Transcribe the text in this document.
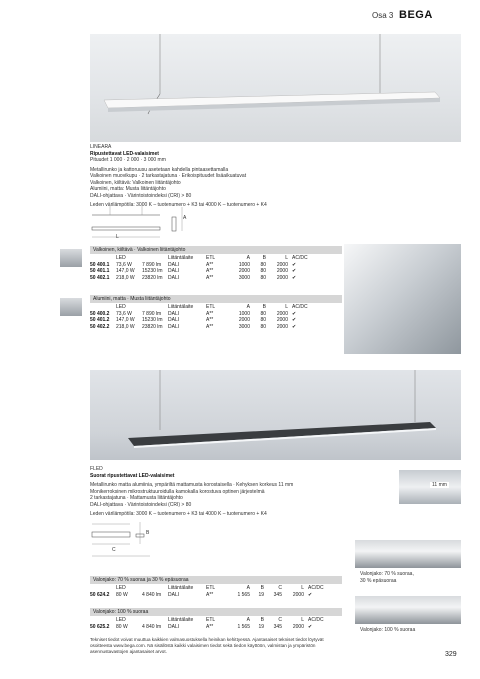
Osa 3 BEGA
LINEARA
Ripustettavat LED-valaisimet
Pituudet 1 000 · 2 000 · 3 000 mm
Metallirunko ja kattoruusu asetetaan kahdella pintaasettamalla
Valkoinen muovikupu · 2 tarkastajatuna · Erikoispituudet lisäaikuatuvat
Valkoinen, kiiltävä: Valkoinen liitäntäjohto
Alumiini, matta: Musta liitäntäjohto
DALI-ohjattava · Värintoistoindeksi (CRI) > 80
Leden värilämpötila: 3000 K – tuotenumero + K3 tai 4000 K – tuotenumero + K4
L
A
Valkoinen, kiiltävä · Valkoinen liitäntäjohto
	LED		Liitäntälaite	ETL	A	B	L	AC/DC
50 400.1	73,6 W	7 890 lm	DALI	A**	1000	80	2000	✔
50 401.1	147,0 W	15230 lm	DALI	A**	2000	80	2000	✔
50 402.1	218,0 W	23820 lm	DALI	A**	3000	80	2000	✔
Alumiini, matta · Musta liitäntäjohto
	LED		Liitäntälaite	ETL	A	B	L	AC/DC
50 400.2	73,6 W	7 890 lm	DALI	A**	1000	80	2000	✔
50 401.2	147,0 W	15230 lm	DALI	A**	2000	80	2000	✔
50 402.2	218,0 W	23820 lm	DALI	A**	3000	80	2000	✔
FLED
Suorat ripustettavat LED-valaisimet
Metallirunko matta alumiinia, ympäriltä mattamusta korostaisella · Kehyksen korkeus 11 mm
Monikerroksinen mikrostruktuuroidulla kamokalla korostuva optinen järjestelmä
2 tarkastajatuna · Mattamusta liitäntäjohto
DALI-ohjattava · Värintoistoindeksi (CRI) > 80
Leden värilämpötila: 3000 K – tuotenumero + K3 tai 4000 K – tuotenumero + K4
11 mm
C
B
Valonjako: 70 % suoraa ja 30 % epäsuoraa
	LED		Liitäntälaite	ETL	A	B	C	L	AC/DC
50 624.2	80 W	4 840 lm	DALI	A**	1 565	19	345	2000	✔
Valonjako: 100 % suoraa
	LED		Liitäntälaite	ETL	A	B	C	L	AC/DC
50 625.2	80 W	4 840 lm	DALI	A**	1 565	19	345	2000	✔
Valonjako: 70 % suoraa,
30 % epäsuoraa
Valonjako: 100 % suoraa
Tekniset tiedot voivat muuttua kaikkien valmasuostuksella heinikan kehittyessä. Ajantasaiset tekniset tiedot löytyvät
osoitteesta www.bega.com. Nä sisällöstä kaikki valaisimen tiedot sekä tiedon käyttöön, valmistan ja ympäristön
asennustavastojen ajantasaiset arvot.	329
